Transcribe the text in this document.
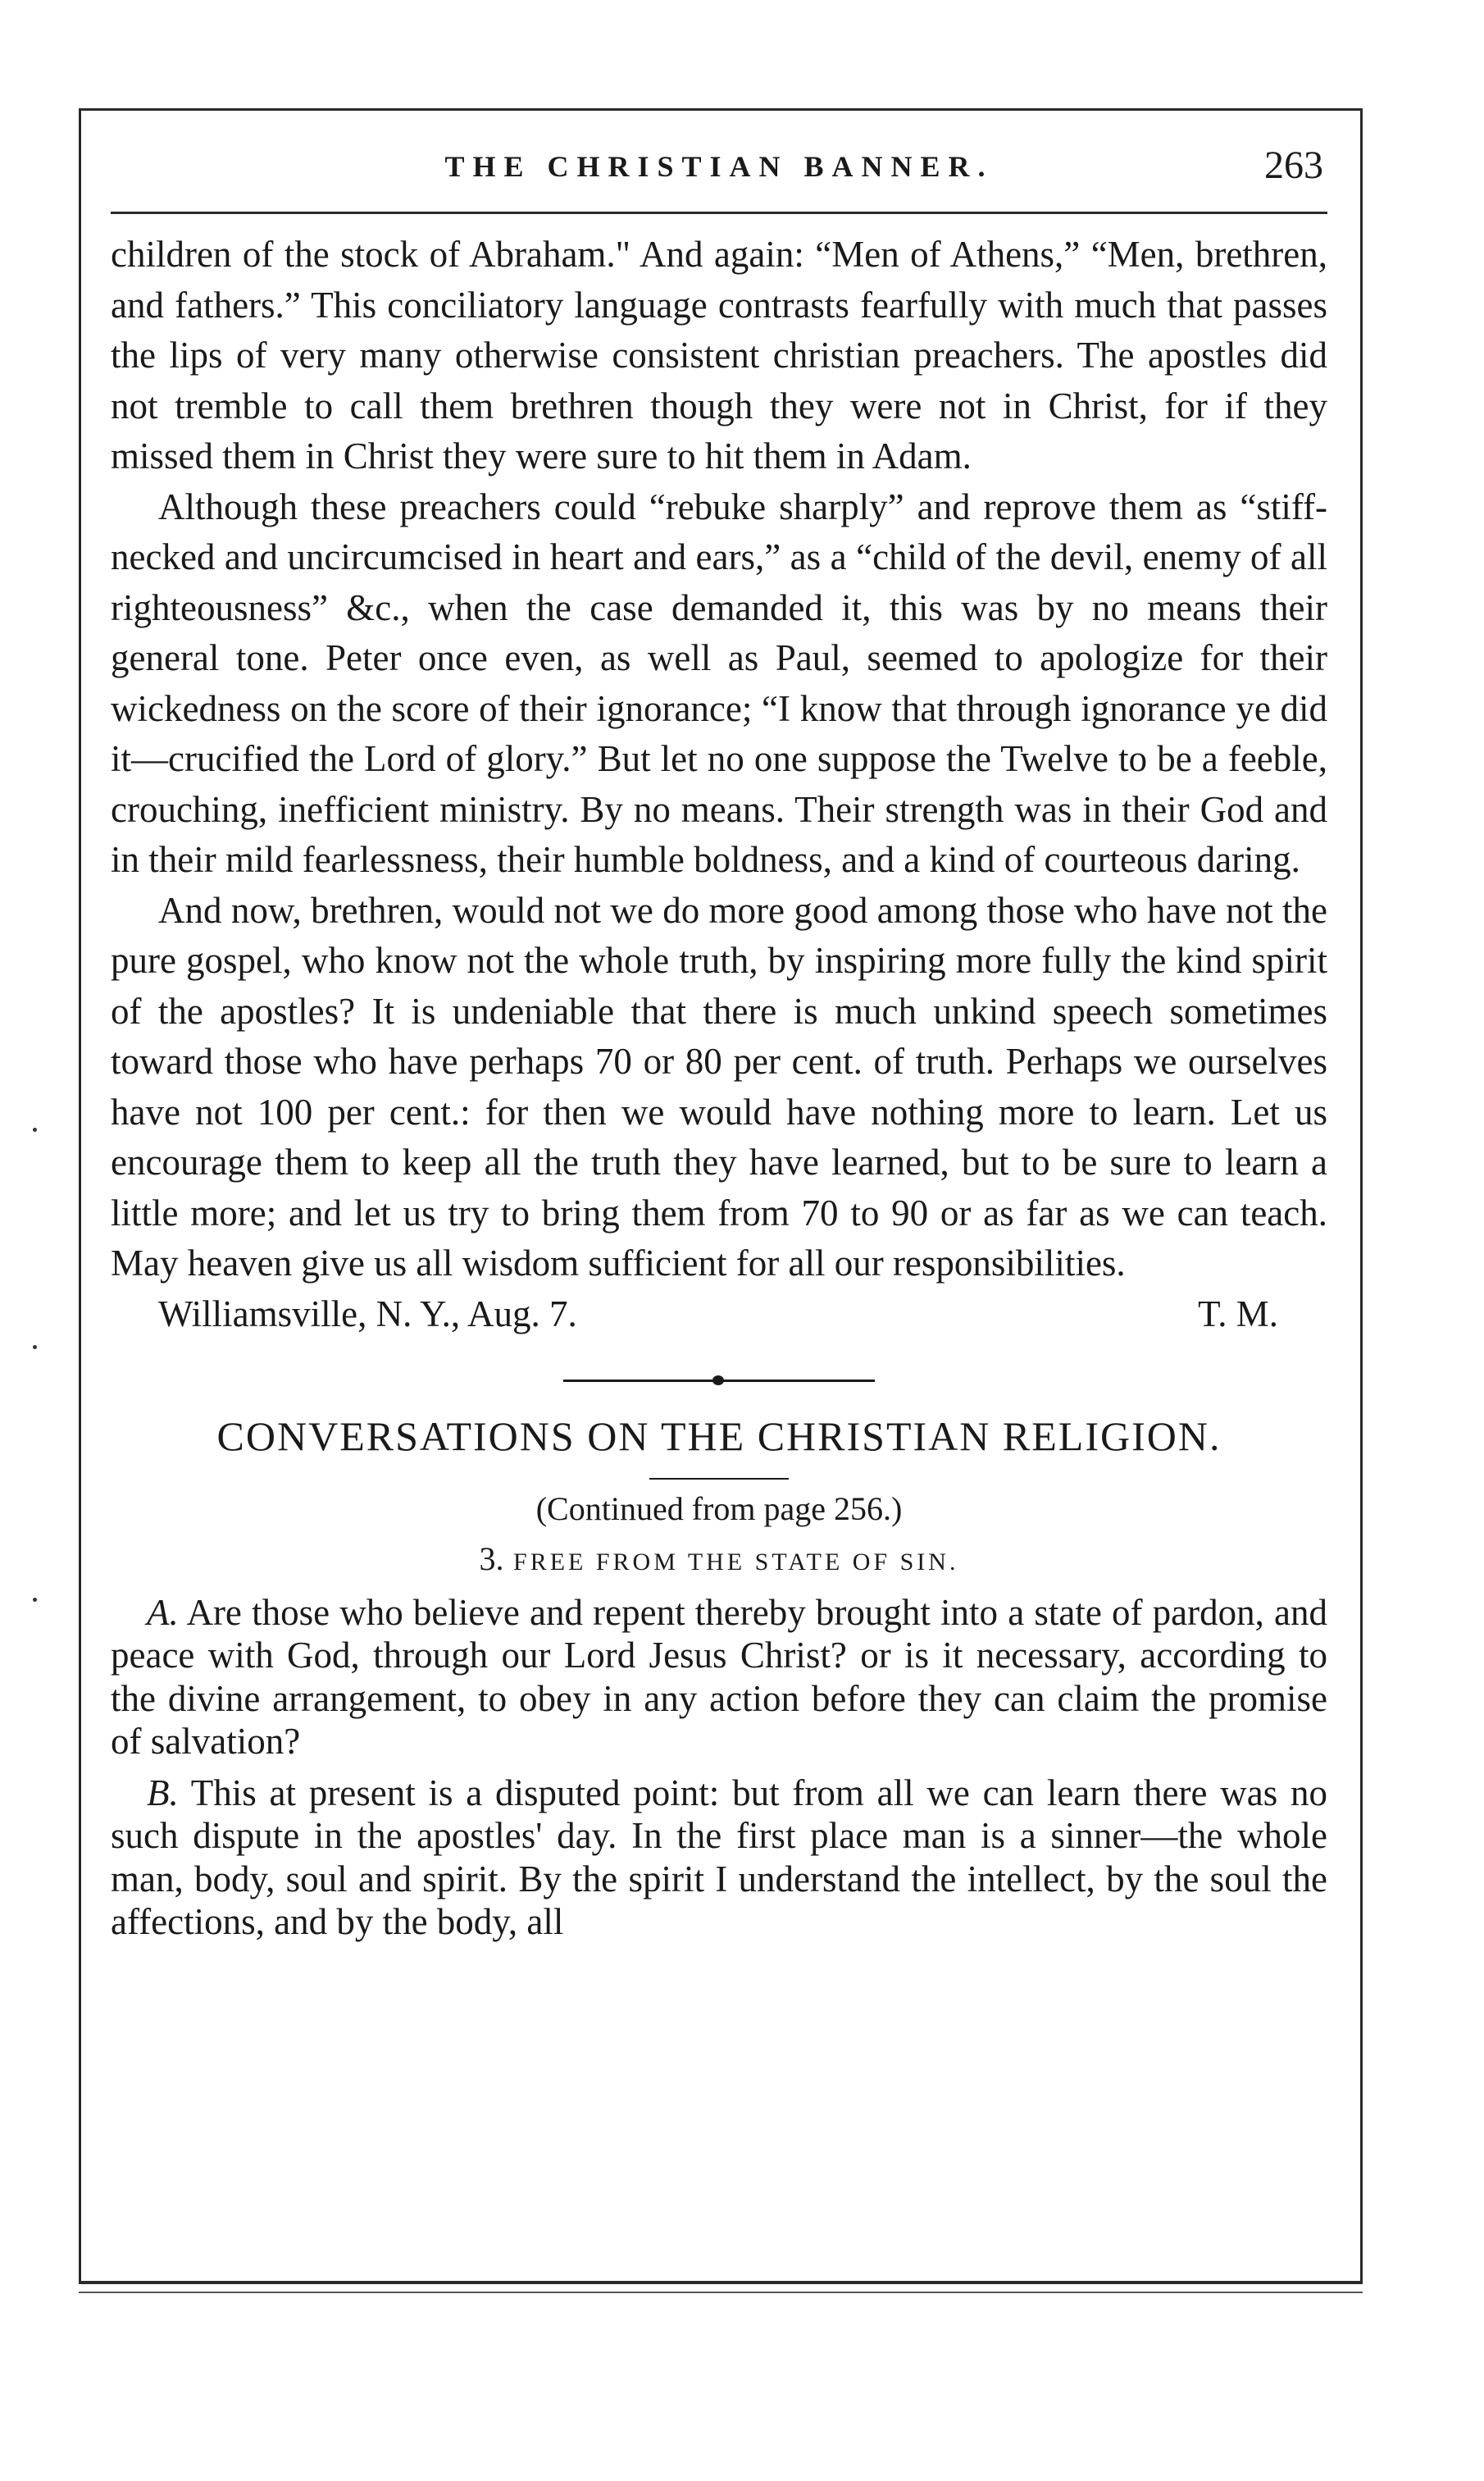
THE CHRISTIAN BANNER.	263

children of the stock of Abraham." And again: “Men of Athens,” “Men, brethren, and fathers.” This conciliatory language contrasts fearfully with much that passes the lips of very many otherwise consistent christian preachers. The apostles did not tremble to call them brethren though they were not in Christ, for if they missed them in Christ they were sure to hit them in Adam.

Although these preachers could “rebuke sharply” and reprove them as “stiff-necked and uncircumcised in heart and ears,” as a “child of the devil, enemy of all righteousness” &c., when the case demanded it, this was by no means their general tone. Peter once even, as well as Paul, seemed to apologize for their wickedness on the score of their ignorance; “I know that through ignorance ye did it—crucified the Lord of glory.” But let no one suppose the Twelve to be a feeble, crouching, inefficient ministry. By no means. Their strength was in their God and in their mild fearlessness, their humble boldness, and a kind of courteous daring.

And now, brethren, would not we do more good among those who have not the pure gospel, who know not the whole truth, by inspiring more fully the kind spirit of the apostles? It is undeniable that there is much unkind speech sometimes toward those who have perhaps 70 or 80 per cent. of truth. Perhaps we ourselves have not 100 per cent.: for then we would have nothing more to learn. Let us encourage them to keep all the truth they have learned, but to be sure to learn a little more; and let us try to bring them from 70 to 90 or as far as we can teach. May heaven give us all wisdom sufficient for all our responsibilities.

Williamsville, N. Y., Aug. 7.	T. M.
CONVERSATIONS ON THE CHRISTIAN RELIGION.
(Continued from page 256.)
3. FREE FROM THE STATE OF SIN.

A. Are those who believe and repent thereby brought into a state of pardon, and peace with God, through our Lord Jesus Christ? or is it necessary, according to the divine arrangement, to obey in any action before they can claim the promise of salvation?

B. This at present is a disputed point: but from all we can learn there was no such dispute in the apostles' day. In the first place man is a sinner—the whole man, body, soul and spirit. By the spirit I understand the intellect, by the soul the affections, and by the body, all
